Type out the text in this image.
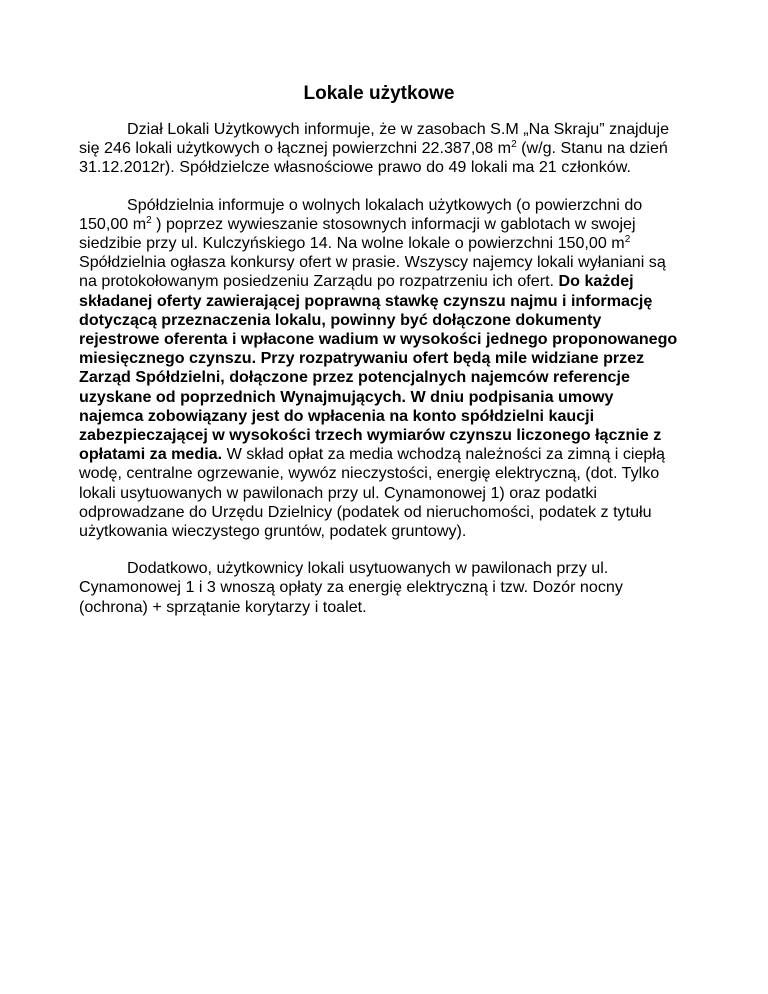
Lokale użytkowe

Dział Lokali Użytkowych informuje, że w zasobach S.M „Na Skraju” znajduje się 246 lokali użytkowych o łącznej powierzchni 22.387,08 $m^2$ (w/g. Stanu na dzień 31.12.2012r). Spółdzielcze własnościowe prawo do 49 lokali ma 21 członków.

Spółdzielnia informuje o wolnych lokalach użytkowych (o powierzchni do 150,00 $m^2$ ) poprzez wywieszanie stosownych informacji w gablotach w swojej siedzibie przy ul. Kulczyńskiego 14. Na wolne lokale o powierzchni 150,00 $m^2$ Spółdzielnia ogłasza konkursy ofert w prasie. Wszyscy najemcy lokali wyłaniani są na protokołowanym posiedzeniu Zarządu po rozpatrzeniu ich ofert. Do każdej składanej oferty zawierającej poprawną stawkę czynszu najmu i informację dotyczącą przeznaczenia lokalu, powinny być dołączone dokumenty rejestrowe oferenta i wpłacone wadium w wysokości jednego proponowanego miesięcznego czynszu. Przy rozpatrywaniu ofert będą mile widziane przez Zarząd Spółdzielni, dołączone przez potencjalnych najemców referencje uzyskane od poprzednich Wynajmujących. W dniu podpisania umowy najemca zobowiązany jest do wpłacenia na konto spółdzielni kaucji zabezpieczającej w wysokości trzech wymiarów czynszu liczonego łącznie z opłatami za media. W skład opłat za media wchodzą należności za zimną i ciepłą wodę, centralne ogrzewanie, wywóz nieczystości, energię elektryczną, (dot. Tylko lokali usytuowanych w pawilonach przy ul. Cynamonowej 1) oraz podatki odprowadzane do Urzędu Dzielnicy (podatek od nieruchomości, podatek z tytułu użytkowania wieczystego gruntów, podatek gruntowy).

Dodatkowo, użytkownicy lokali usytuowanych w pawilonach przy ul. Cynamonowej 1 i 3 wnoszą opłaty za energię elektryczną i tzw. Dozór nocny (ochrona) + sprzątanie korytarzy i toalet.
